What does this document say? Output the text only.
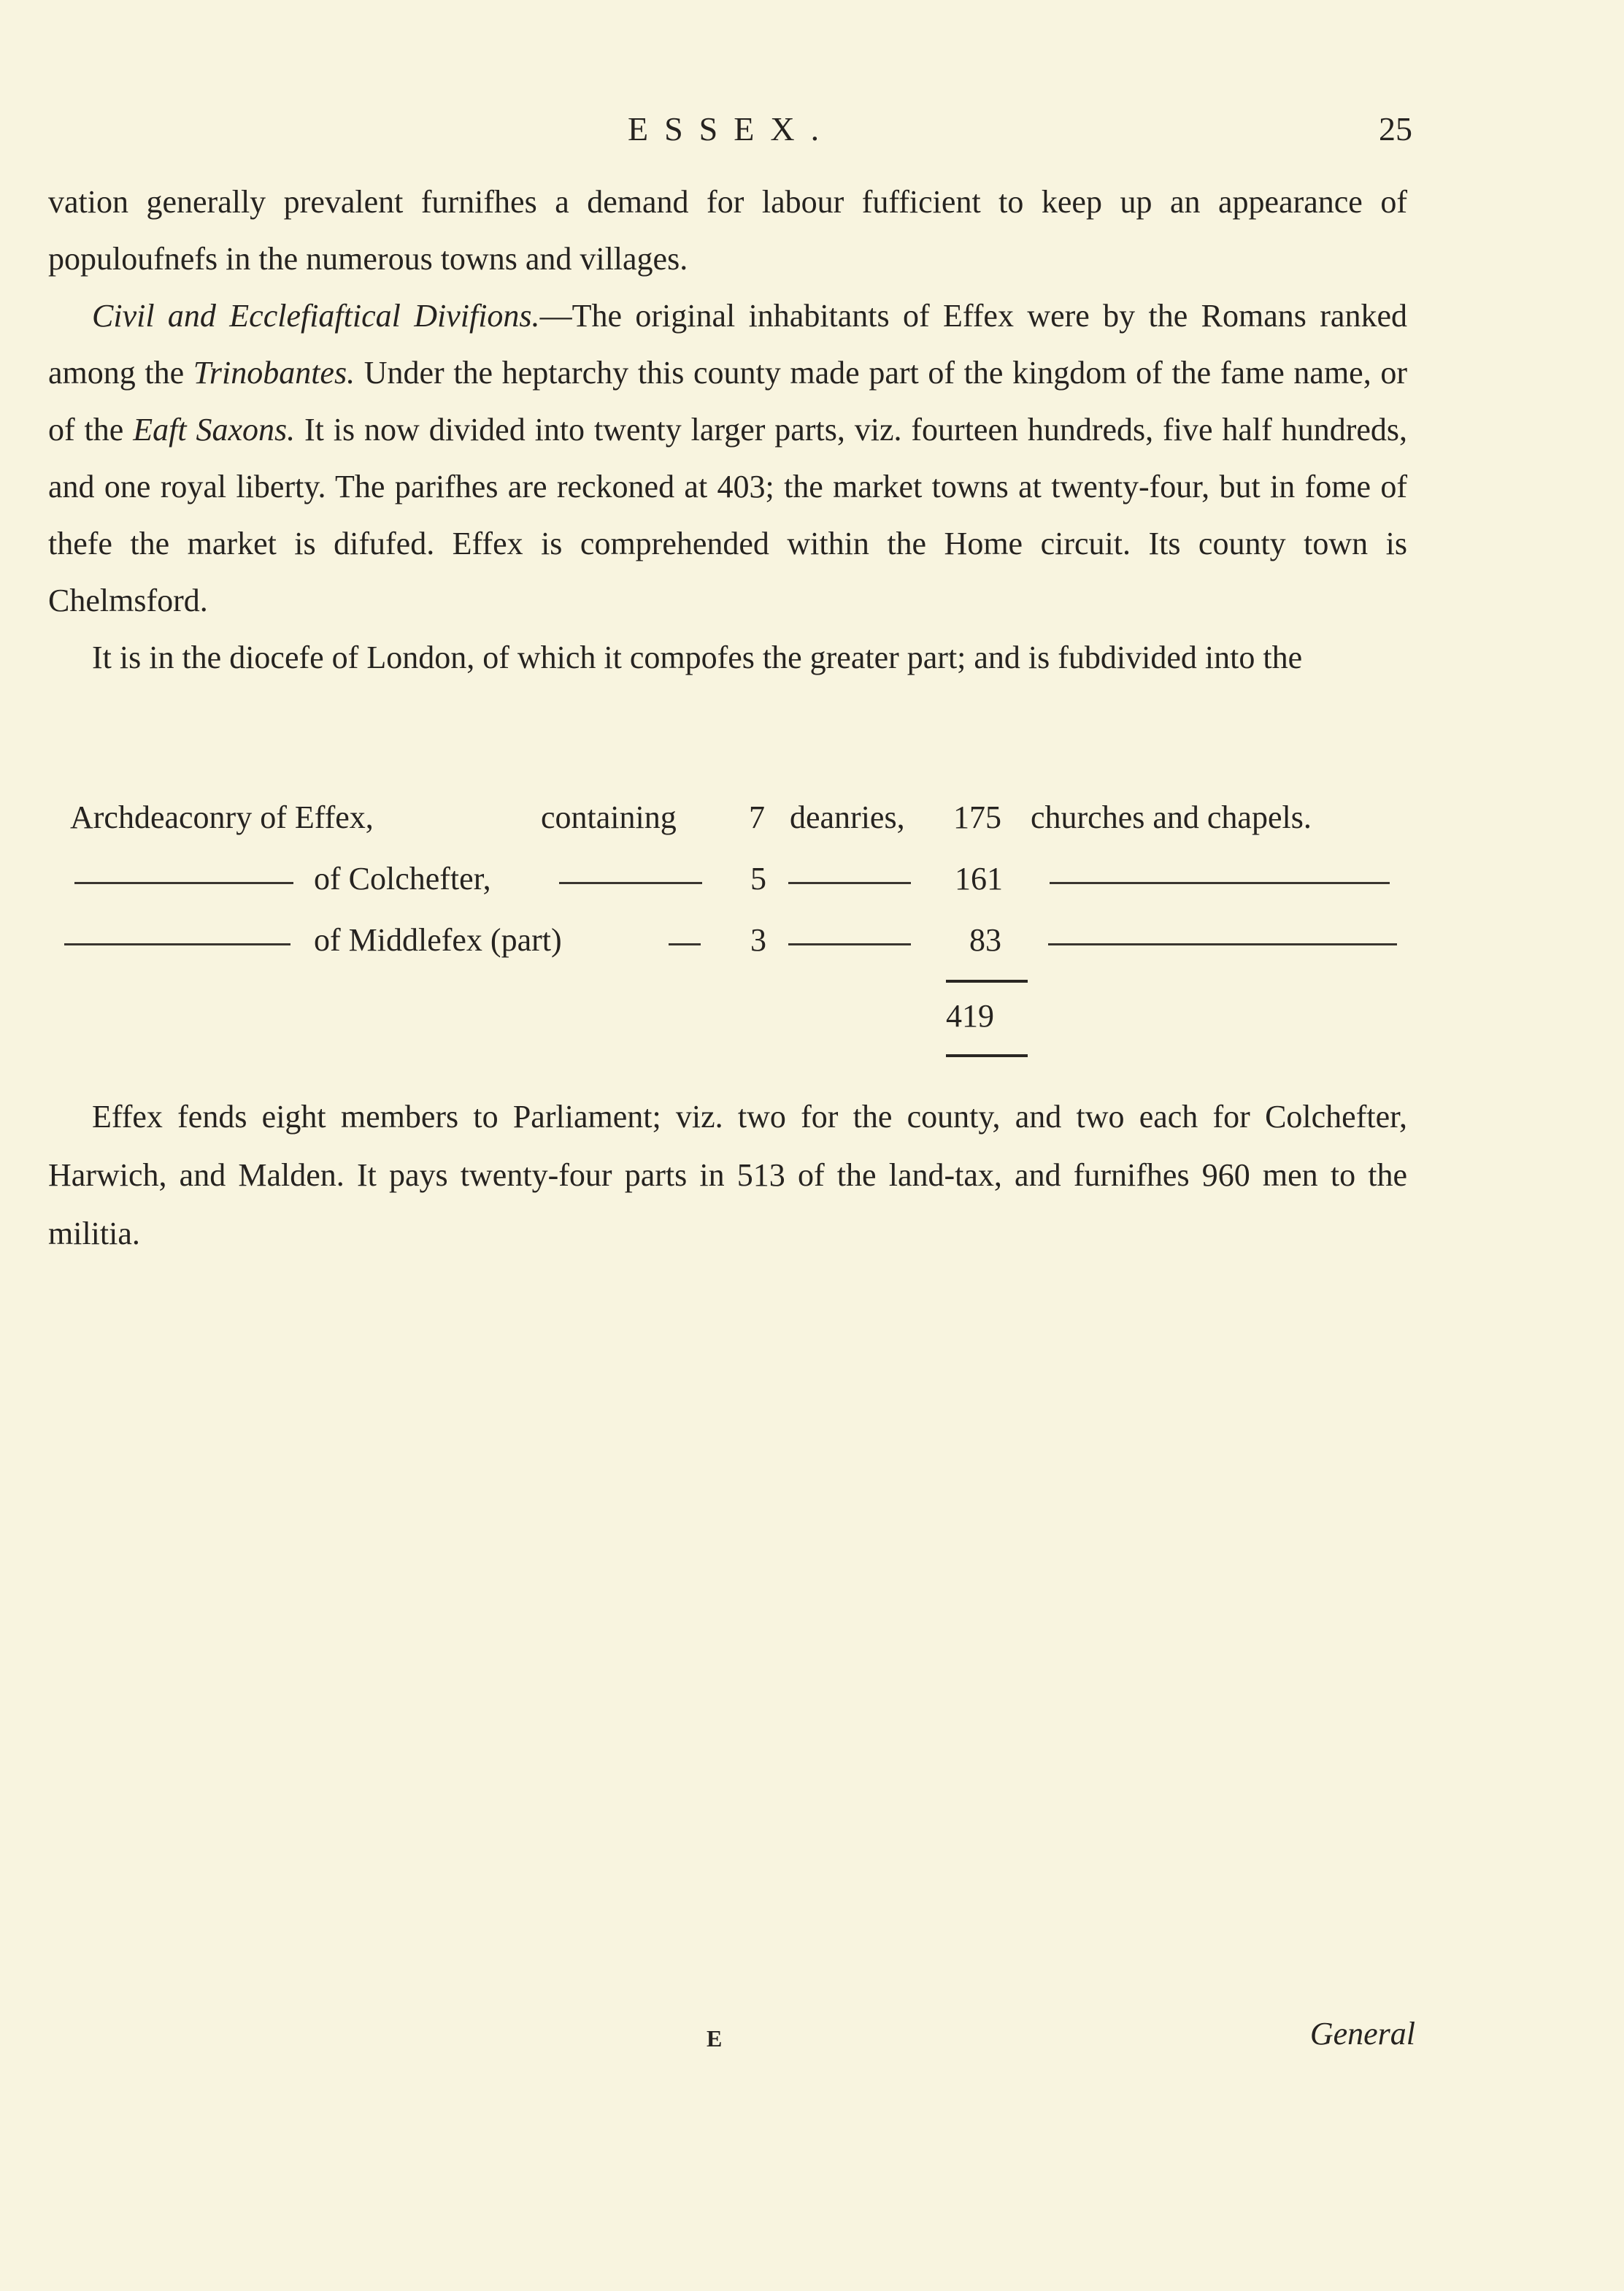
ESSEX.	25

vation generally prevalent furnifhes a demand for labour fufficient to keep up an appearance of populoufnefs in the numerous towns and villages.

Civil and Ecclefiaftical Divifions.—The original inhabitants of Effex were by the Romans ranked among the Trinobantes. Under the heptarchy this county made part of the kingdom of the fame name, or of the Eaft Saxons. It is now divided into twenty larger parts, viz. fourteen hundreds, five half hundreds, and one royal liberty. The parifhes are reckoned at 403; the market towns at twenty-four, but in fome of thefe the market is difufed. Effex is comprehended within the Home circuit. Its county town is Chelmsford.

It is in the diocefe of London, of which it compofes the greater part; and is fubdivided into the

Archdeaconry of Effex,	containing 7 deanries, 175 churches and chapels.
of Colchefter,	5	161
of Middlefex (part)	3	83
419

Effex fends eight members to Parliament; viz. two for the county, and two each for Colchefter, Harwich, and Malden. It pays twenty-four parts in 513 of the land-tax, and furnifhes 960 men to the militia.

E	General
